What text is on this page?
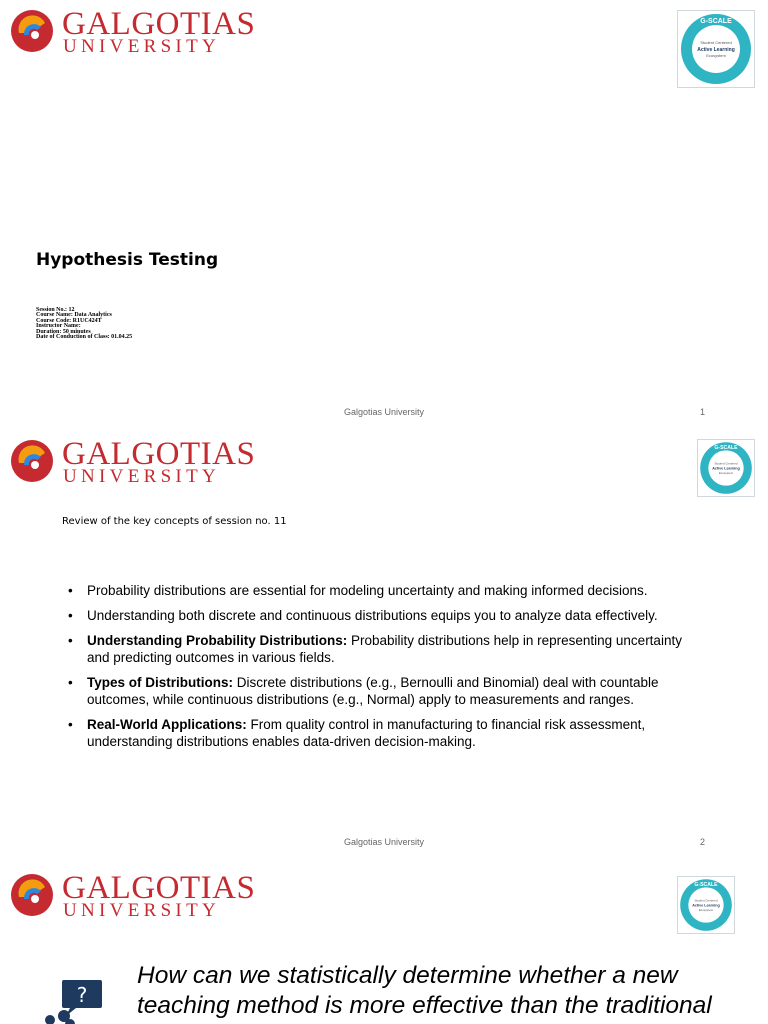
GALGOTIAS
UNIVERSITY
G-SCALE
Student Centered
Active Learning
Ecosystem
Hypothesis Testing
Session No.: 12
Course Name: Data Analytics
Course Code: R1UC424T
Instructor Name:
Duration: 50 minutes
Date of Conduction of Class: 01.04.25
Galgotias University	1
GALGOTIAS
UNIVERSITY
G-SCALE
Student Centered
Active Learning
Ecosystem
Review of the key concepts of session no. 11
• Probability distributions are essential for modeling uncertainty and making informed decisions.
• Understanding both discrete and continuous distributions equips you to analyze data effectively.
• Understanding Probability Distributions: Probability distributions help in representing uncertainty and predicting outcomes in various fields.
• Types of Distributions: Discrete distributions (e.g., Bernoulli and Binomial) deal with countable outcomes, while continuous distributions (e.g., Normal) apply to measurements and ranges.
• Real-World Applications: From quality control in manufacturing to financial risk assessment, understanding distributions enables data-driven decision-making.
Galgotias University	2
GALGOTIAS
UNIVERSITY
G-SCALE
Student Centered
Active Learning
Ecosystem
?
How can we statistically determine whether a new
teaching method is more effective than the traditional
